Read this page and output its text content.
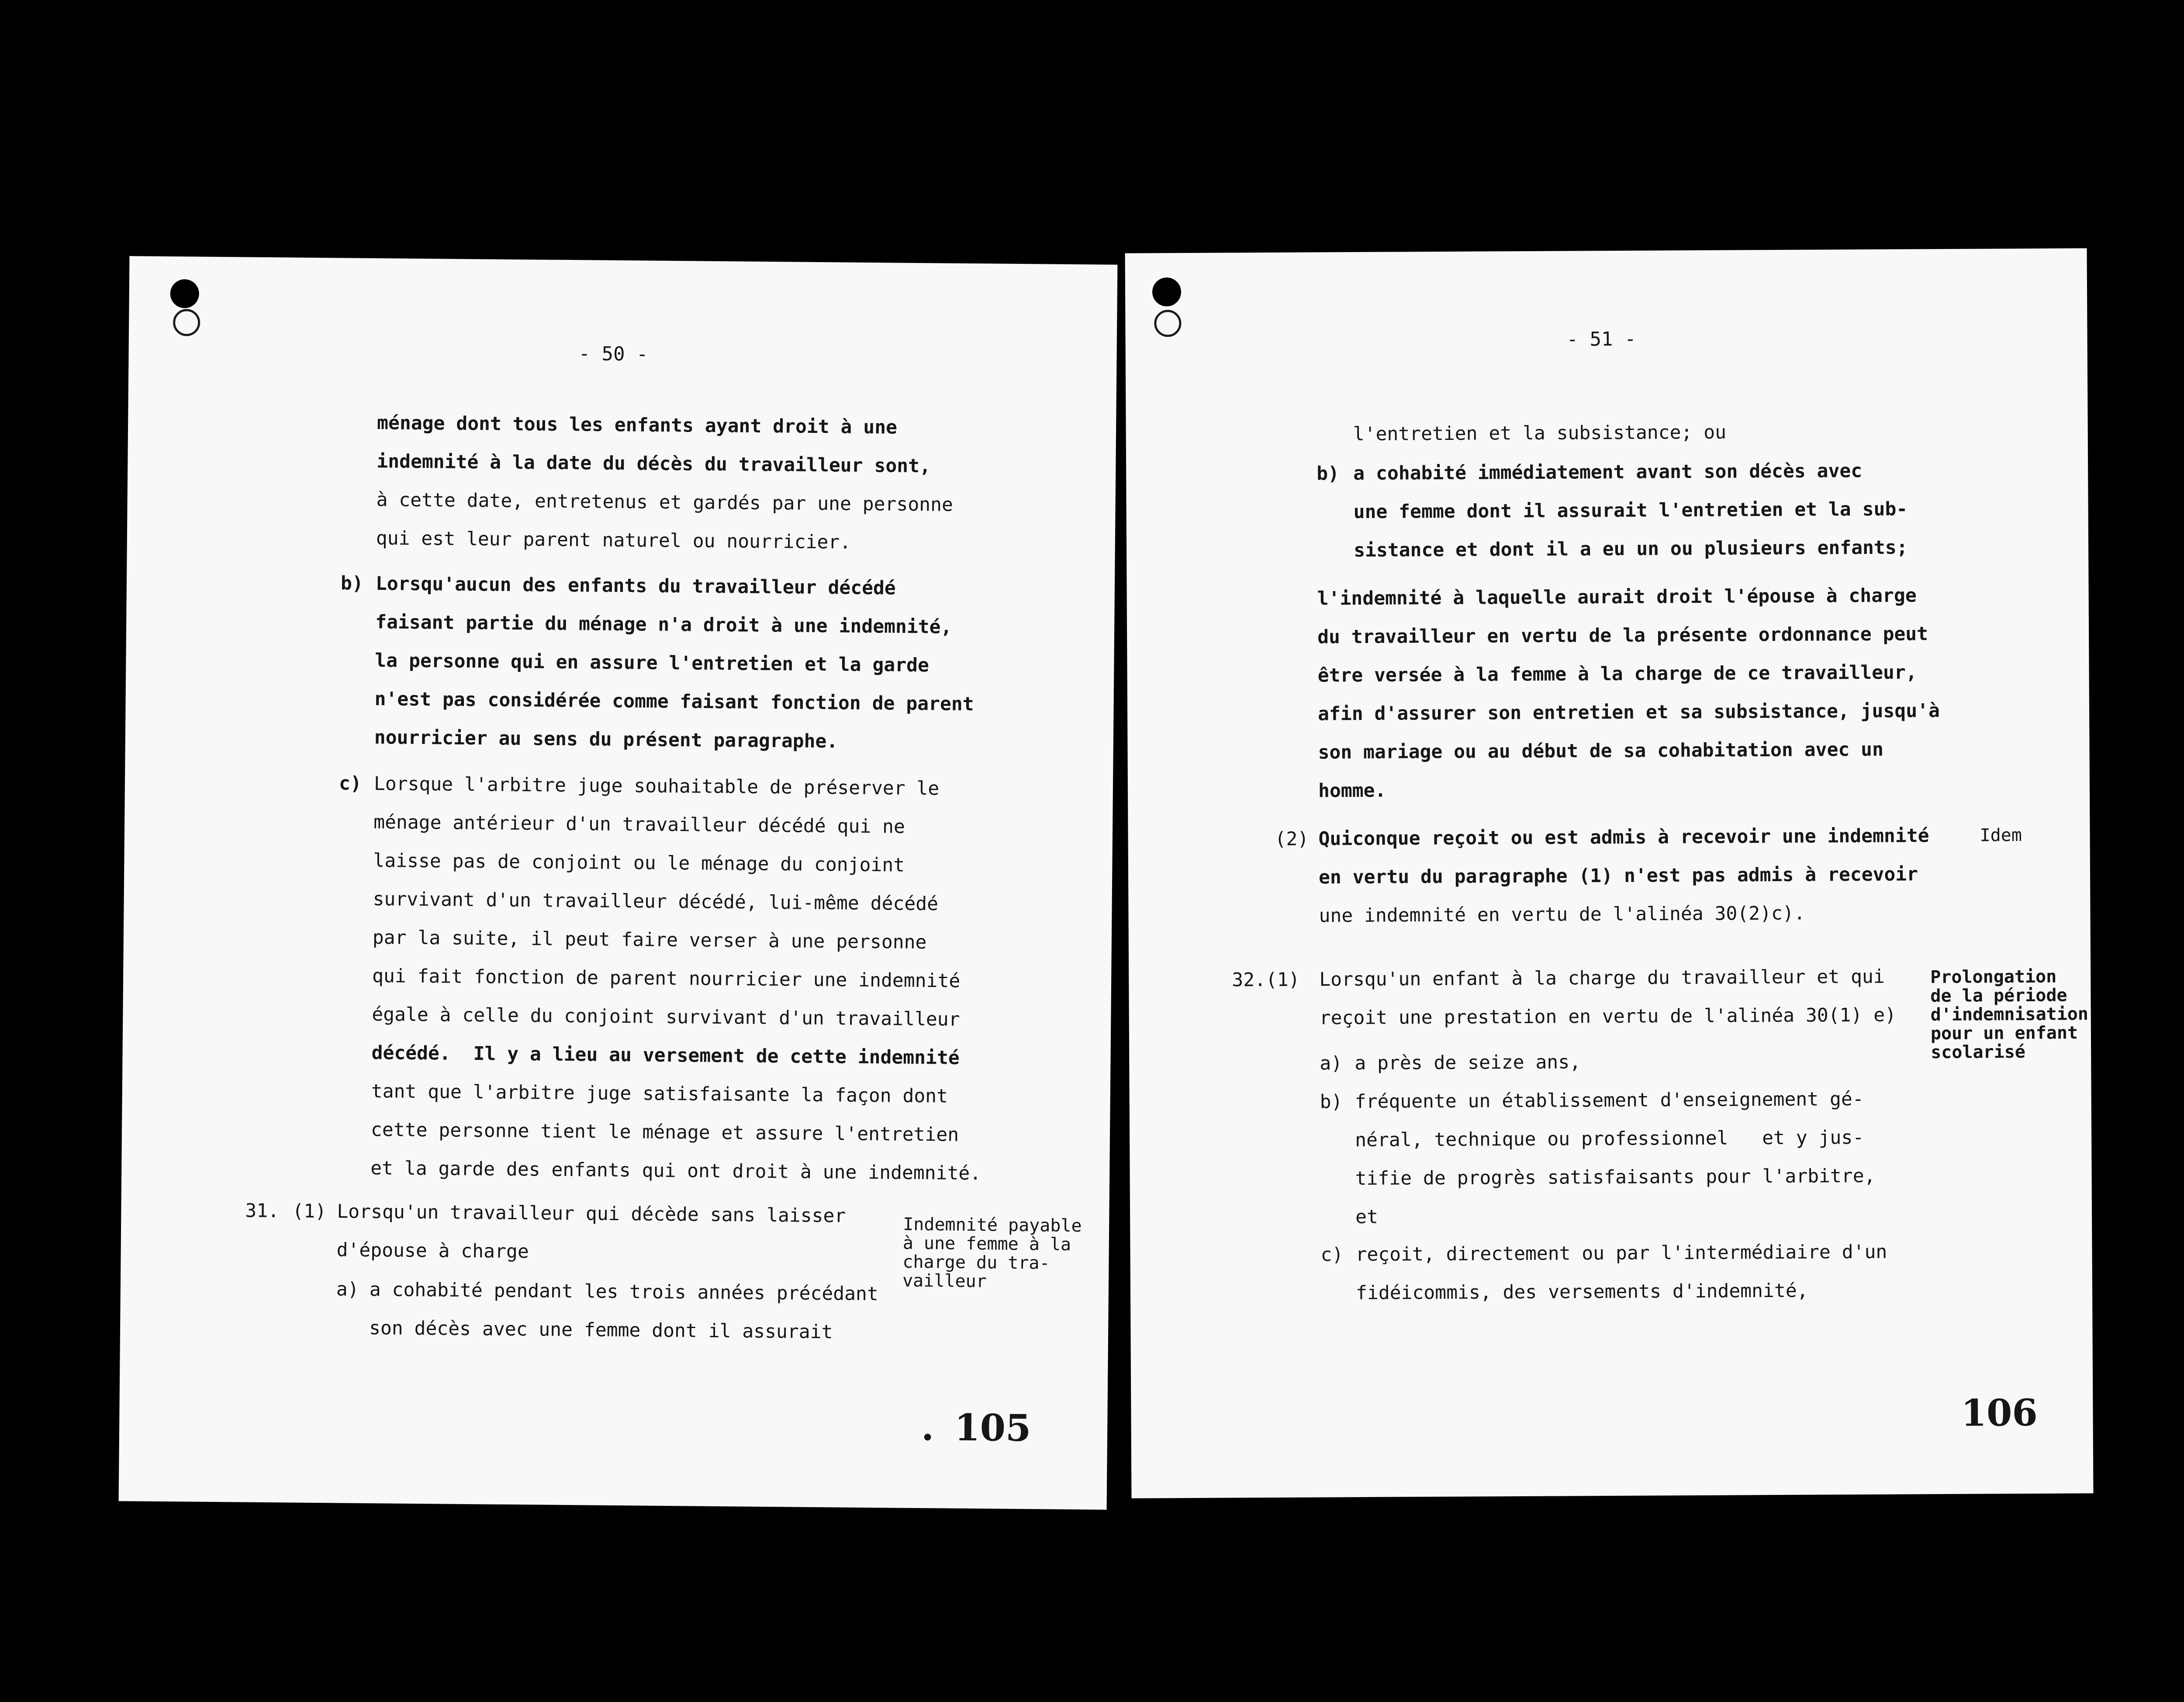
- 50 -
ménage dont tous les enfants ayant droit à une
indemnité à la date du décès du travailleur sont,
à cette date, entretenus et gardés par une personne
qui est leur parent naturel ou nourricier.
b) Lorsqu'aucun des enfants du travailleur décédé
faisant partie du ménage n'a droit à une indemnité,
la personne qui en assure l'entretien et la garde
n'est pas considérée comme faisant fonction de parent
nourricier au sens du présent paragraphe.
c) Lorsque l'arbitre juge souhaitable de préserver le
ménage antérieur d'un travailleur décédé qui ne
laisse pas de conjoint ou le ménage du conjoint
survivant d'un travailleur décédé, lui-même décédé
par la suite, il peut faire verser à une personne
qui fait fonction de parent nourricier une indemnité
égale à celle du conjoint survivant d'un travailleur
décédé.  Il y a lieu au versement de cette indemnité
tant que l'arbitre juge satisfaisante la façon dont
cette personne tient le ménage et assure l'entretien
et la garde des enfants qui ont droit à une indemnité.
31. (1) Lorsqu'un travailleur qui décède sans laisser
d'épouse à charge
a) a cohabité pendant les trois années précédant
son décès avec une femme dont il assurait
Indemnité payable
à une femme à la
charge du tra-
vailleur
. 105
- 51 -
l'entretien et la subsistance; ou
b) a cohabité immédiatement avant son décès avec
une femme dont il assurait l'entretien et la sub-
sistance et dont il a eu un ou plusieurs enfants;
l'indemnité à laquelle aurait droit l'épouse à charge
du travailleur en vertu de la présente ordonnance peut
être versée à la femme à la charge de ce travailleur,
afin d'assurer son entretien et sa subsistance, jusqu'à
son mariage ou au début de sa cohabitation avec un
homme.
(2) Quiconque reçoit ou est admis à recevoir une indemnité
en vertu du paragraphe (1) n'est pas admis à recevoir
une indemnité en vertu de l'alinéa 30(2)c).
Idem
32.(1) Lorsqu'un enfant à la charge du travailleur et qui
reçoit une prestation en vertu de l'alinéa 30(1) e)
a) a près de seize ans,
b) fréquente un établissement d'enseignement gé-
néral, technique ou professionnel   et y jus-
tifie de progrès satisfaisants pour l'arbitre,
et
c) reçoit, directement ou par l'intermédiaire d'un
fidéicommis, des versements d'indemnité,
Prolongation
de la période
d'indemnisation
pour un enfant
scolarisé
106
